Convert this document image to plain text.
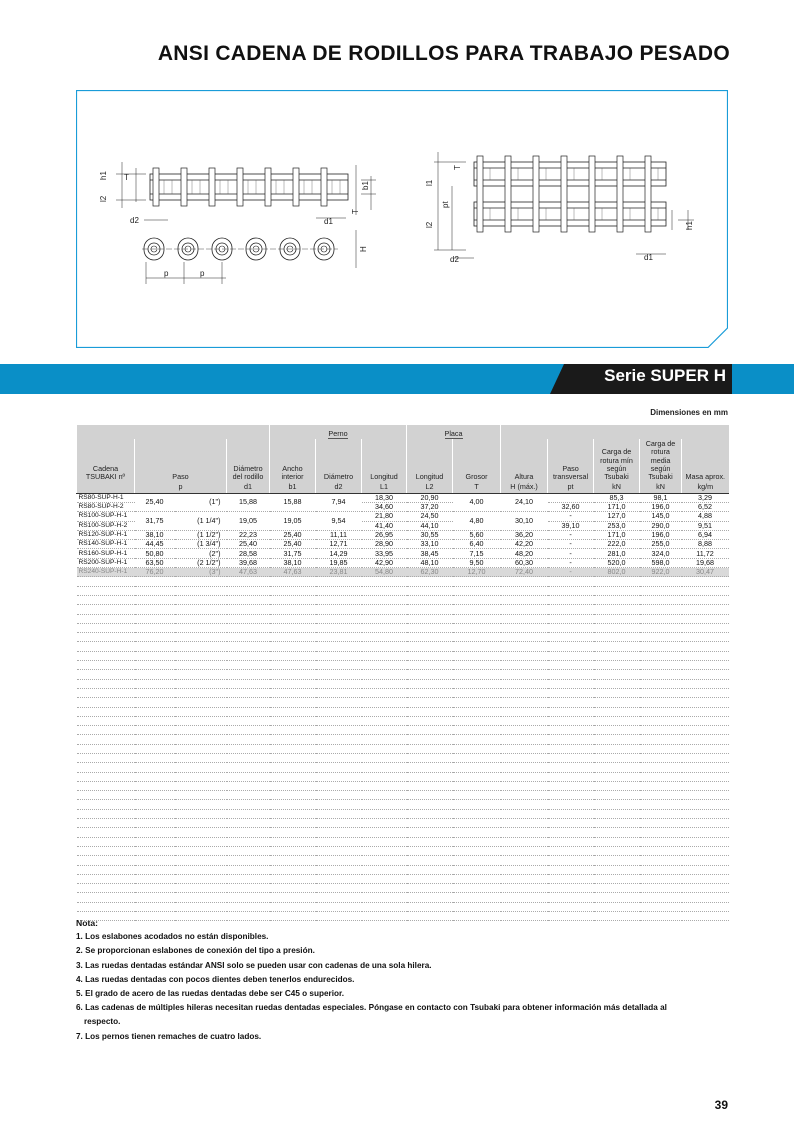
ANSI CADENA DE RODILLOS PARA TRABAJO PESADO
h1 T
l2
b1
T
d2	d1
H
p	p
l1
T
pt
l2	h1
d2	d1
Serie SUPER H
Dimensiones en mm
				Perno			Placa						
Cadena TSUBAKI nº	Paso		Diámetro del rodillo	Ancho interior	Diámetro	Longitud	Longitud	Grosor	Altura	Paso transversal	Carga de rotura mín según Tsubaki	Carga de rotura media según Tsubaki	Masa aprox.
	p		d1	b1	d2	L1	L2	T	H (máx.)	pt	kN	kN	kg/m
RS80-SUP-H-1	25,40	(1")	15,88	15,88	7,94	18,30	20,90	4,00	24,10		85,3	98,1	3,29
RS80-SUP-H-2						34,60	37,20			32,60	171,0	196,0	6,52
RS100-SUP-H-1	31,75	(1 1/4")	19,05	19,05	9,54	21,80	24,50	4,80	30,10	-	127,0	145,0	4,88
RS100-SUP-H-2						41,40	44,10			39,10	253,0	290,0	9,51
RS120-SUP-H-1	38,10	(1 1/2")	22,23	25,40	11,11	26,95	30,55	5,60	36,20	-	171,0	196,0	6,94
RS140-SUP-H-1	44,45	(1 3/4")	25,40	25,40	12,71	28,90	33,10	6,40	42,20	-	222,0	255,0	8,88
RS160-SUP-H-1	50,80	(2")	28,58	31,75	14,29	33,95	38,45	7,15	48,20	-	281,0	324,0	11,72
RS200-SUP-H-1	63,50	(2 1/2")	39,68	38,10	19,85	42,90	48,10	9,50	60,30	-	520,0	598,0	19,68
RS240-SUP-H-1	76,20	(3")	47,63	47,63	23,81	54,80	62,30	12,70	72,40	-	802,0	922,0	30,47

Nota:

1. Los eslabones acodados no están disponibles.

2. Se proporcionan eslabones de conexión del tipo a presión.

3. Las ruedas dentadas estándar ANSI solo se pueden usar con cadenas de una sola hilera.

4. Las ruedas dentadas con pocos dientes deben tenerlos endurecidos.

5. El grado de acero de las ruedas dentadas debe ser C45 o superior.

6. Las cadenas de múltiples hileras necesitan ruedas dentadas especiales. Póngase en contacto con Tsubaki para obtener información más detallada al

respecto.

7. Los pernos tienen remaches de cuatro lados.

39
